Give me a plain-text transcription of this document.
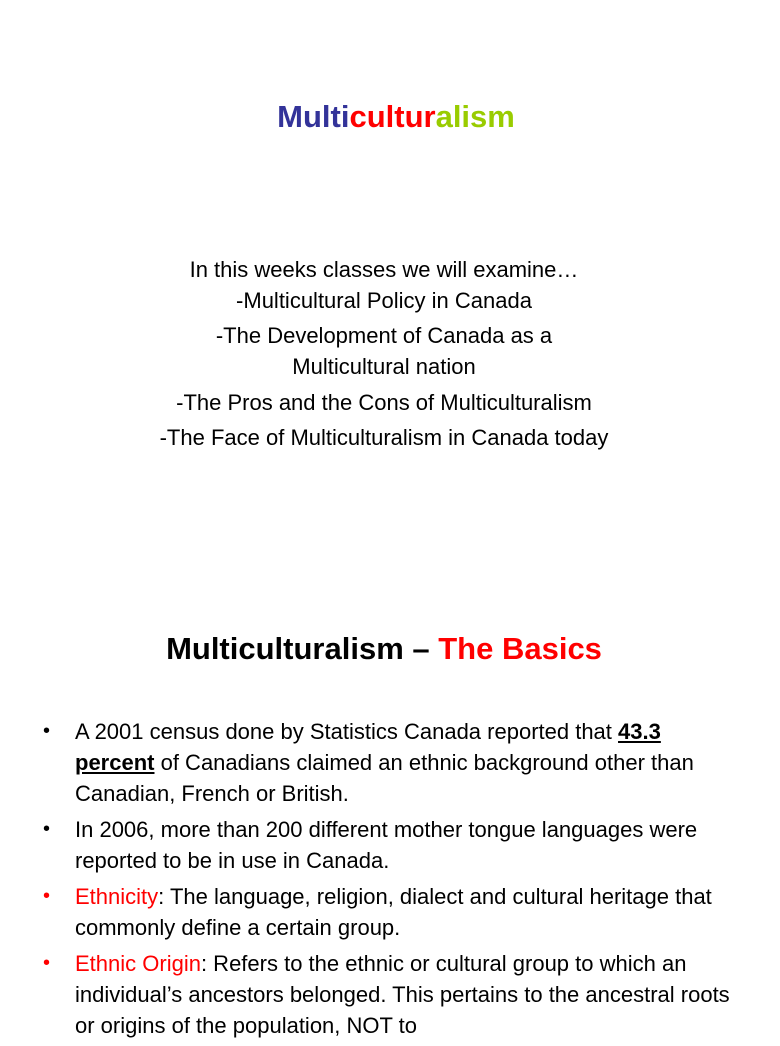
Multiculturalism
In this weeks classes we will examine…
-Multicultural Policy in Canada
-The Development of Canada as a
Multicultural nation
-The Pros and the Cons of Multiculturalism
-The Face of Multiculturalism in Canada today
Multiculturalism – The Basics
• A 2001 census done by Statistics Canada reported that 43.3 percent of Canadians claimed an ethnic background other than Canadian, French or British.
• In 2006, more than 200 different mother tongue languages were reported to be in use in Canada.
• Ethnicity: The language, religion, dialect and cultural heritage that commonly define a certain group.
• Ethnic Origin: Refers to the ethnic or cultural group to which an individual’s ancestors belonged. This pertains to the ancestral roots or origins of the population, NOT to
